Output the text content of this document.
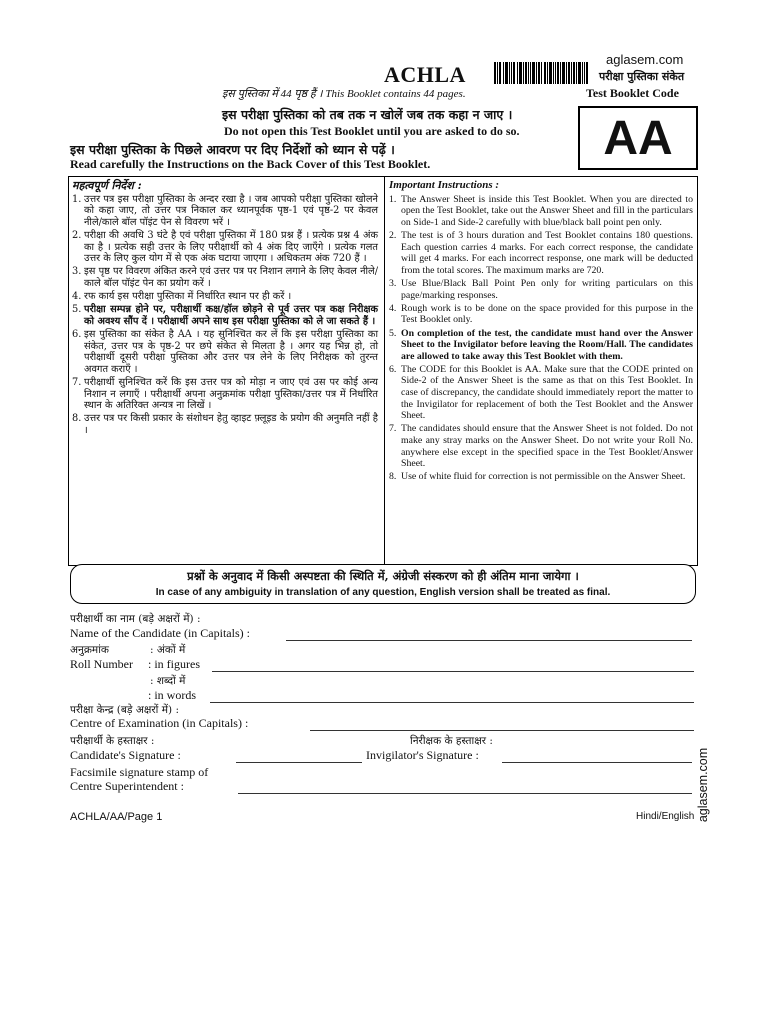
ACHLA
aglasem.com
परीक्षा पुस्तिका संकेत
Test Booklet Code
AA
इस पुस्तिका में 44 पृष्ठ हैं । This Booklet contains 44 pages.
इस परीक्षा पुस्तिका को तब तक न खोलें जब तक कहा न जाए ।
Do not open this Test Booklet until you are asked to do so.
इस परीक्षा पुस्तिका के पिछले आवरण पर दिए निर्देशों को ध्यान से पढ़ें ।
Read carefully the Instructions on the Back Cover of this Test Booklet.
महत्वपूर्ण निर्देश :
1. उत्तर पत्र इस परीक्षा पुस्तिका के अन्दर रखा है । जब आपको परीक्षा पुस्तिका खोलने को कहा जाए, तो उत्तर पत्र निकाल कर ध्यानपूर्वक पृष्ठ-1 एवं पृष्ठ-2 पर केवल नीले/काले बॉल पॉइंट पेन से विवरण भरें ।
2. परीक्षा की अवधि 3 घंटे है एवं परीक्षा पुस्तिका में 180 प्रश्न हैं । प्रत्येक प्रश्न 4 अंक का है । प्रत्येक सही उत्तर के लिए परीक्षार्थी को 4 अंक दिए जाएँगे । प्रत्येक गलत उत्तर के लिए कुल योग में से एक अंक घटाया जाएगा । अधिकतम अंक 720 हैं ।
3. इस पृष्ठ पर विवरण अंकित करने एवं उत्तर पत्र पर निशान लगाने के लिए केवल नीले/काले बॉल पॉइंट पेन का प्रयोग करें ।
4. रफ कार्य इस परीक्षा पुस्तिका में निर्धारित स्थान पर ही करें ।
5. परीक्षा सम्पन्न होने पर, परीक्षार्थी कक्ष/हॉल छोड़ने से पूर्व उत्तर पत्र कक्ष निरीक्षक को अवश्य सौंप दें । परीक्षार्थी अपने साथ इस परीक्षा पुस्तिका को ले जा सकते हैं ।
6. इस पुस्तिका का संकेत है AA । यह सुनिश्चित कर लें कि इस परीक्षा पुस्तिका का संकेत, उत्तर पत्र के पृष्ठ-2 पर छपे संकेत से मिलता है । अगर यह भिन्न हो, तो परीक्षार्थी दूसरी परीक्षा पुस्तिका और उत्तर पत्र लेने के लिए निरीक्षक को तुरन्त अवगत कराएँ ।
7. परीक्षार्थी सुनिश्चित करें कि इस उत्तर पत्र को मोड़ा न जाए एवं उस पर कोई अन्य निशान न लगाएँ । परीक्षार्थी अपना अनुक्रमांक परीक्षा पुस्तिका/उत्तर पत्र में निर्धारित स्थान के अतिरिक्त अन्यत्र ना लिखें ।
8. उत्तर पत्र पर किसी प्रकार के संशोधन हेतु व्हाइट फ़्लूइड के प्रयोग की अनुमति नहीं है ।
Important Instructions :
1. The Answer Sheet is inside this Test Booklet. When you are directed to open the Test Booklet, take out the Answer Sheet and fill in the particulars on Side-1 and Side-2 carefully with blue/black ball point pen only.
2. The test is of 3 hours duration and Test Booklet contains 180 questions. Each question carries 4 marks. For each correct response, the candidate will get 4 marks. For each incorrect response, one mark will be deducted from the total scores. The maximum marks are 720.
3. Use Blue/Black Ball Point Pen only for writing particulars on this page/marking responses.
4. Rough work is to be done on the space provided for this purpose in the Test Booklet only.
5. On completion of the test, the candidate must hand over the Answer Sheet to the Invigilator before leaving the Room/Hall. The candidates are allowed to take away this Test Booklet with them.
6. The CODE for this Booklet is AA. Make sure that the CODE printed on Side-2 of the Answer Sheet is the same as that on this Test Booklet. In case of discrepancy, the candidate should immediately report the matter to the Invigilator for replacement of both the Test Booklet and the Answer Sheet.
7. The candidates should ensure that the Answer Sheet is not folded. Do not make any stray marks on the Answer Sheet. Do not write your Roll No. anywhere else except in the specified space in the Test Booklet/Answer Sheet.
8. Use of white fluid for correction is not permissible on the Answer Sheet.
प्रश्नों के अनुवाद में किसी अस्पष्टता की स्थिति में, अंग्रेजी संस्करण को ही अंतिम माना जायेगा ।
In case of any ambiguity in translation of any question, English version shall be treated as final.
परीक्षार्थी का नाम (बड़े अक्षरों में) :
Name of the Candidate (in Capitals) :
अनुक्रमांक	: अंकों में
Roll Number : in figures
: शब्दों में
: in words
परीक्षा केन्द्र (बड़े अक्षरों में) :
Centre of Examination (in Capitals) :
परीक्षार्थी के हस्ताक्षर :
Candidate's Signature :
निरीक्षक के हस्ताक्षर :
Invigilator's Signature :
Facsimile signature stamp of
Centre Superintendent :
ACHLA/AA/Page 1	Hindi/English aglasem.com
